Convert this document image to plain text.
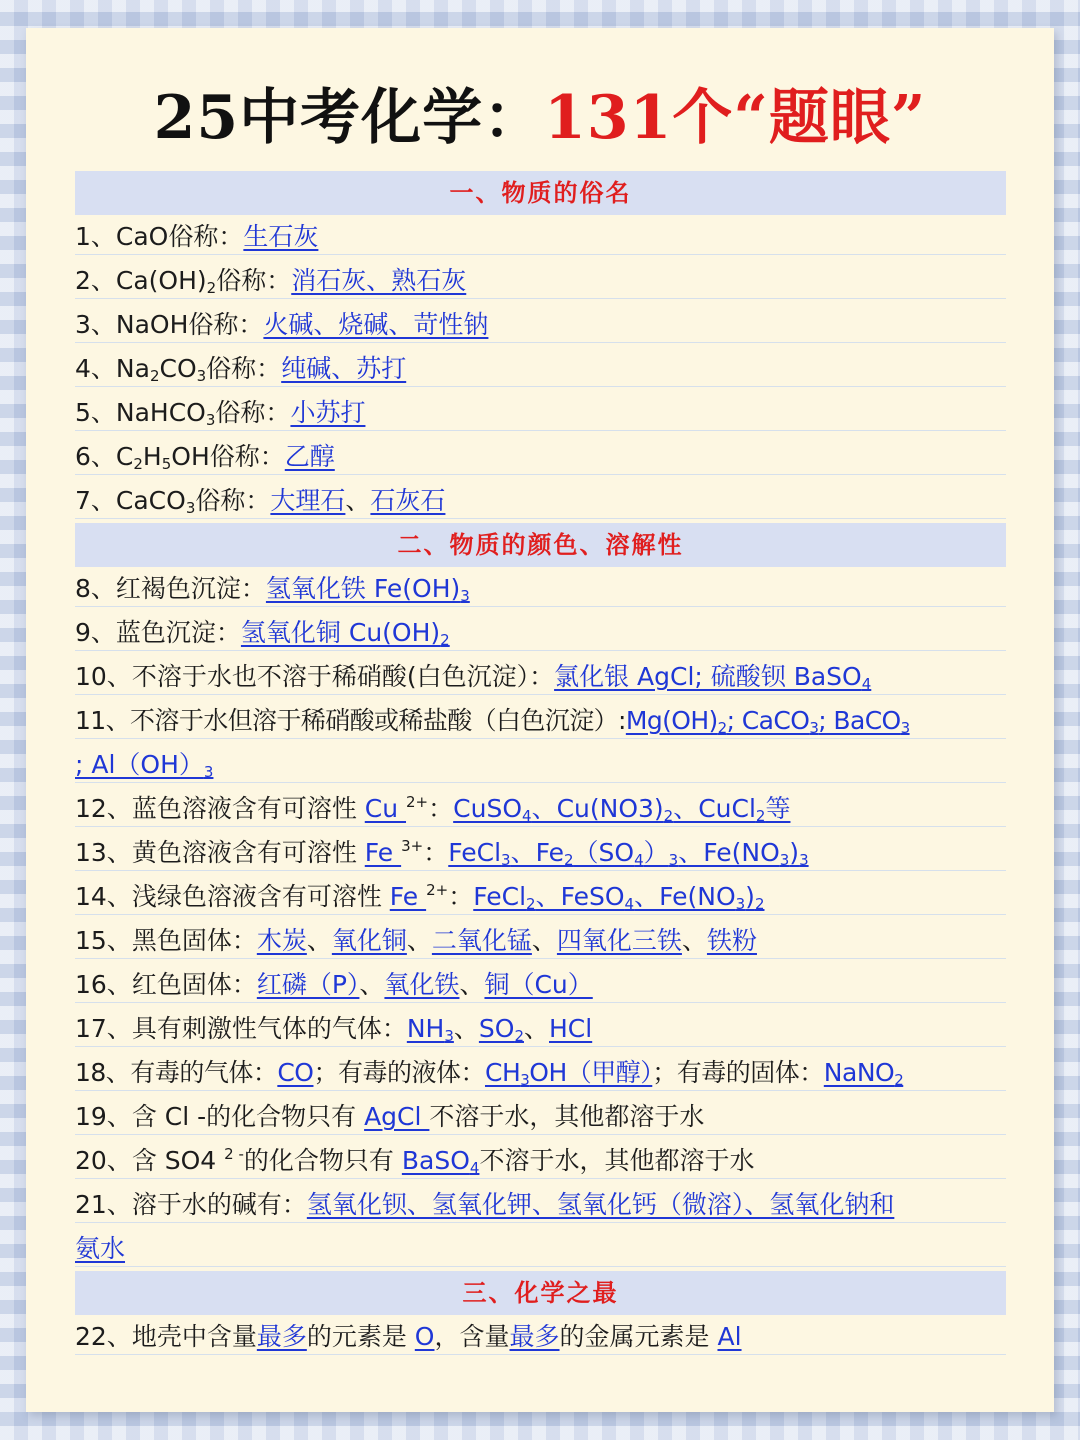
25中考化学：131个“题眼”
一、物质的俗名
1、CaO俗称：生石灰
2、$Ca(OH)_2$俗称：消石灰、熟石灰
3、NaOH俗称：火碱、烧碱、苛性钠
4、$Na_2CO_3$俗称：纯碱、苏打
5、NaHCO$_3$俗称：小苏打
6、$C_2H_5OH$俗称：乙醇
7、CaCO$_3$俗称：大理石、石灰石
二、物质的颜色、溶解性
8、红褐色沉淀：氢氧化铁 $Fe(OH)_3$
9、蓝色沉淀：氢氧化铜 $Cu(OH)_2$
10、不溶于水也不溶于稀硝酸(白色沉淀）：氯化银 AgCl; 硫酸钡 BaSO$_4$
11、不溶于水但溶于稀硝酸或稀盐酸（白色沉淀）$:Mg(OH)_2$; CaCO$_3$; BaCO$_3$
; $Al(OH)_3$
12、蓝色溶液含有可溶性 Cu $^{2+}$：CuSO$_4$、$Cu(NO3)_2$、CuCl$_2$等
13、黄色溶液含有可溶性 Fe $^{3+}$：FeCl$_3$、$Fe_2(SO_4)_3$、$Fe(NO_3)_3$
14、浅绿色溶液含有可溶性 Fe $^{2+}$：FeCl$_2$、FeSO$_4$、$Fe(NO_3)_2$
15、黑色固体：木炭、氧化铜、二氧化锰、四氧化三铁、铁粉
16、红色固体：红磷（P）、氧化铁、铜（Cu）
17、具有刺激性气体的气体：$NH_3$、$SO_2$、HCl
18、有毒的气体：CO；有毒的液体：$CH_3OH$（甲醇）；有毒的固体：NaNO$_2$
19、含 Cl -的化合物只有 AgCl 不溶于水，其他都溶于水
20、含 SO4 $^{2 -}$的化合物只有 BaSO$_4$不溶于水，其他都溶于水
21、溶于水的碱有：氢氧化钡、氢氧化钾、氢氧化钙（微溶）、氢氧化钠和
氨水
三、化学之最
22、地壳中含量最多的元素是 O，含量最多的金属元素是 Al
